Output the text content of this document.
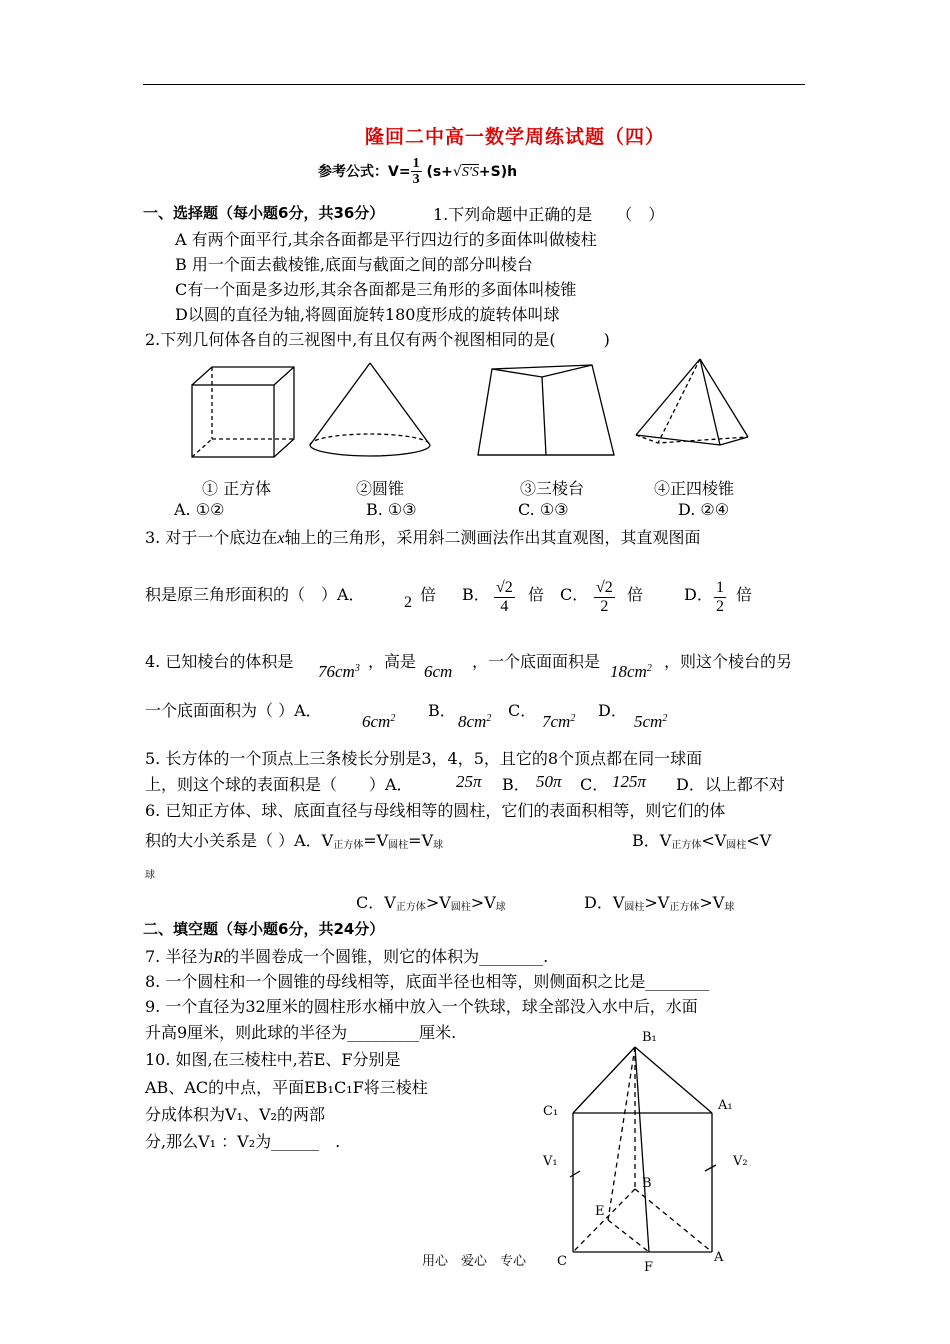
隆回二中高一数学周练试题（四）
参考公式：$V= \frac{1}{3} (s+√S'S+S)h$
一、选择题（每小题6分，共36分）	1.下列命题中正确的是　　（　）
A 有两个面平行,其余各面都是平行四边行的多面体叫做棱柱
B 用一个面去截棱锥,底面与截面之间的部分叫棱台
C有一个面是多边形,其余各面都是三角形的多面体叫棱锥
D以圆的直径为轴,将圆面旋转180度形成的旋转体叫球
2.下列几何体各自的三视图中,有且仅有两个视图相同的是(　　　)
① 正方体	②圆锥	③三棱台	④正四棱锥
A. ①②	B. ①③	C. ①③	D. ②④
3. 对于一个底边在x轴上的三角形，采用斜二测画法作出其直观图，其直观图面
积是原三角形面积的（　）A． 2 倍 B． $\frac{√2}{4}$ 倍 C． $\frac{√2}{2}$ 倍	D． $\frac{1}{2}$ 倍
4. 已知棱台的体积是
$76cm^3$ ，高是
6cm
，一个底面面积是
$18cm^2$ ，则这个棱台的另
一个底面面积为（ ）A．
$6cm^2$ B．
$8cm^2$ C．
$7cm^2$ D．
$5cm^2$
5. 长方体的一个顶点上三条棱长分别是3，4，5，且它的8个顶点都在同一球面
上，则这个球的表面积是（　　）A．	25π B． 50π C． 125π D．以上都不对
6. 已知正方体、球、底面直径与母线相等的圆柱，它们的表面积相等，则它们的体
积的大小关系是（ ）A．$V_{正方体}=V_{圆柱}=V_球$	B．$V_{正方体}<V_{圆柱}<V$
球
C．$V_{正方体}>V_{圆柱}>V_球$	D．$V_{圆柱}>V_{正方体}>V_球$
二、填空题（每小题6分，共24分）
7. 半径为R的半圆卷成一个圆锥，则它的体积为________.
8. 一个圆柱和一个圆锥的母线相等，底面半径也相等，则侧面积之比是________
9. 一个直径为32厘米的圆柱形水桶中放入一个铁球，球全部没入水中后，水面
升高9厘米，则此球的半径为_________厘米.
10. 如图,在三棱柱中,若E、F分别是
AB、AC的中点，平面EB₁C₁F将三棱柱
分成体积为V₁、V₂的两部
分,那么V₁ ：V₂为______　.
B₁
C₁	A₁
V₁	V₂
B
E
C	A
F
用心　爱心　专心
